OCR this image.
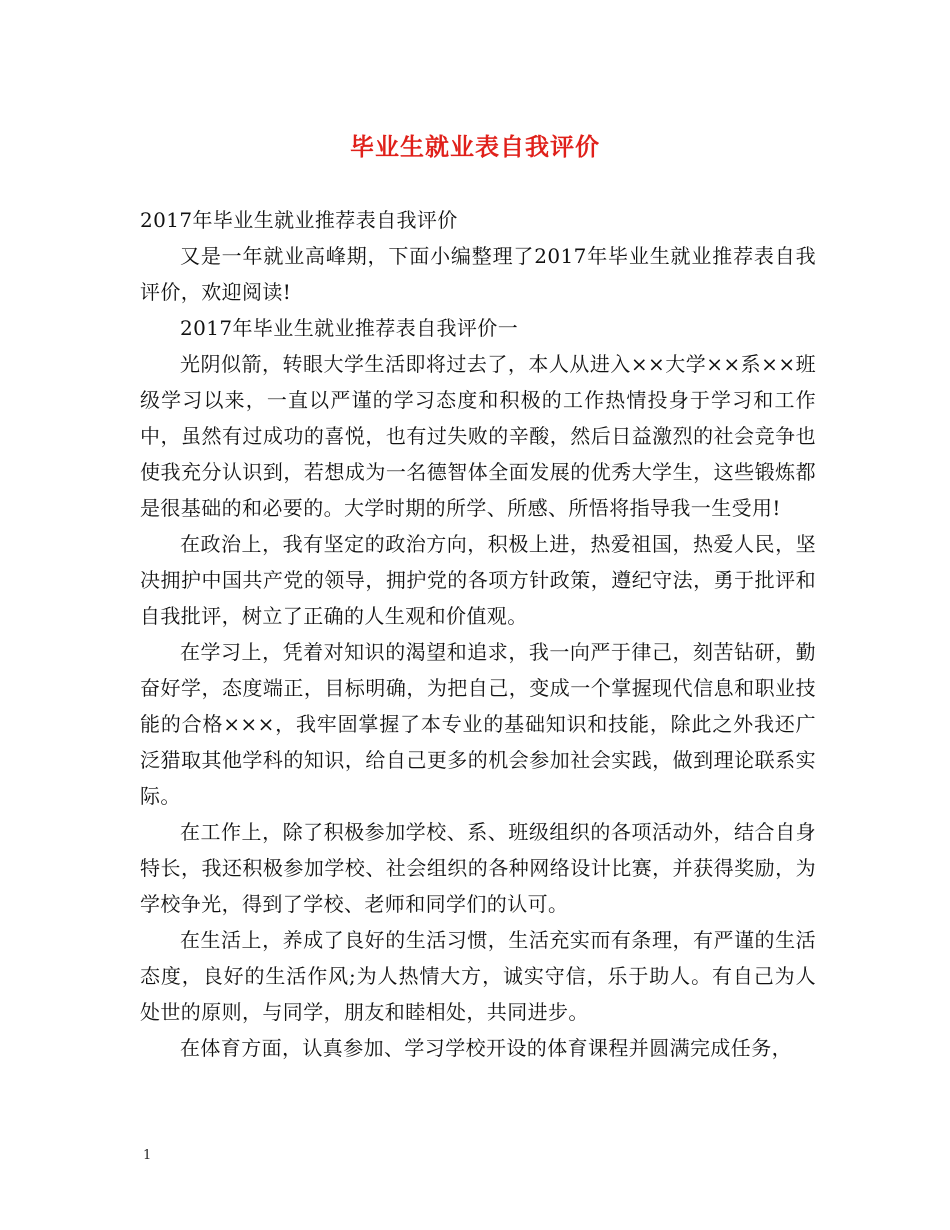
毕业生就业表自我评价

2017年毕业生就业推荐表自我评价

又是一年就业高峰期，下面小编整理了2017年毕业生就业推荐表自我评价，欢迎阅读!

2017年毕业生就业推荐表自我评价一

光阴似箭，转眼大学生活即将过去了，本人从进入××大学××系××班级学习以来，一直以严谨的学习态度和积极的工作热情投身于学习和工作中，虽然有过成功的喜悦，也有过失败的辛酸，然后日益激烈的社会竞争也使我充分认识到，若想成为一名德智体全面发展的优秀大学生，这些锻炼都是很基础的和必要的。大学时期的所学、所感、所悟将指导我一生受用!

在政治上，我有坚定的政治方向，积极上进，热爱祖国，热爱人民，坚决拥护中国共产党的领导，拥护党的各项方针政策，遵纪守法，勇于批评和自我批评，树立了正确的人生观和价值观。

在学习上，凭着对知识的渴望和追求，我一向严于律己，刻苦钻研，勤奋好学，态度端正，目标明确，为把自己，变成一个掌握现代信息和职业技能的合格×××，我牢固掌握了本专业的基础知识和技能，除此之外我还广泛猎取其他学科的知识，给自己更多的机会参加社会实践，做到理论联系实际。

在工作上，除了积极参加学校、系、班级组织的各项活动外，结合自身特长，我还积极参加学校、社会组织的各种网络设计比赛，并获得奖励，为学校争光，得到了学校、老师和同学们的认可。

在生活上，养成了良好的生活习惯，生活充实而有条理，有严谨的生活态度，良好的生活作风;为人热情大方，诚实守信，乐于助人。有自己为人处世的原则，与同学，朋友和睦相处，共同进步。

在体育方面，认真参加、学习学校开设的体育课程并圆满完成任务，

1
